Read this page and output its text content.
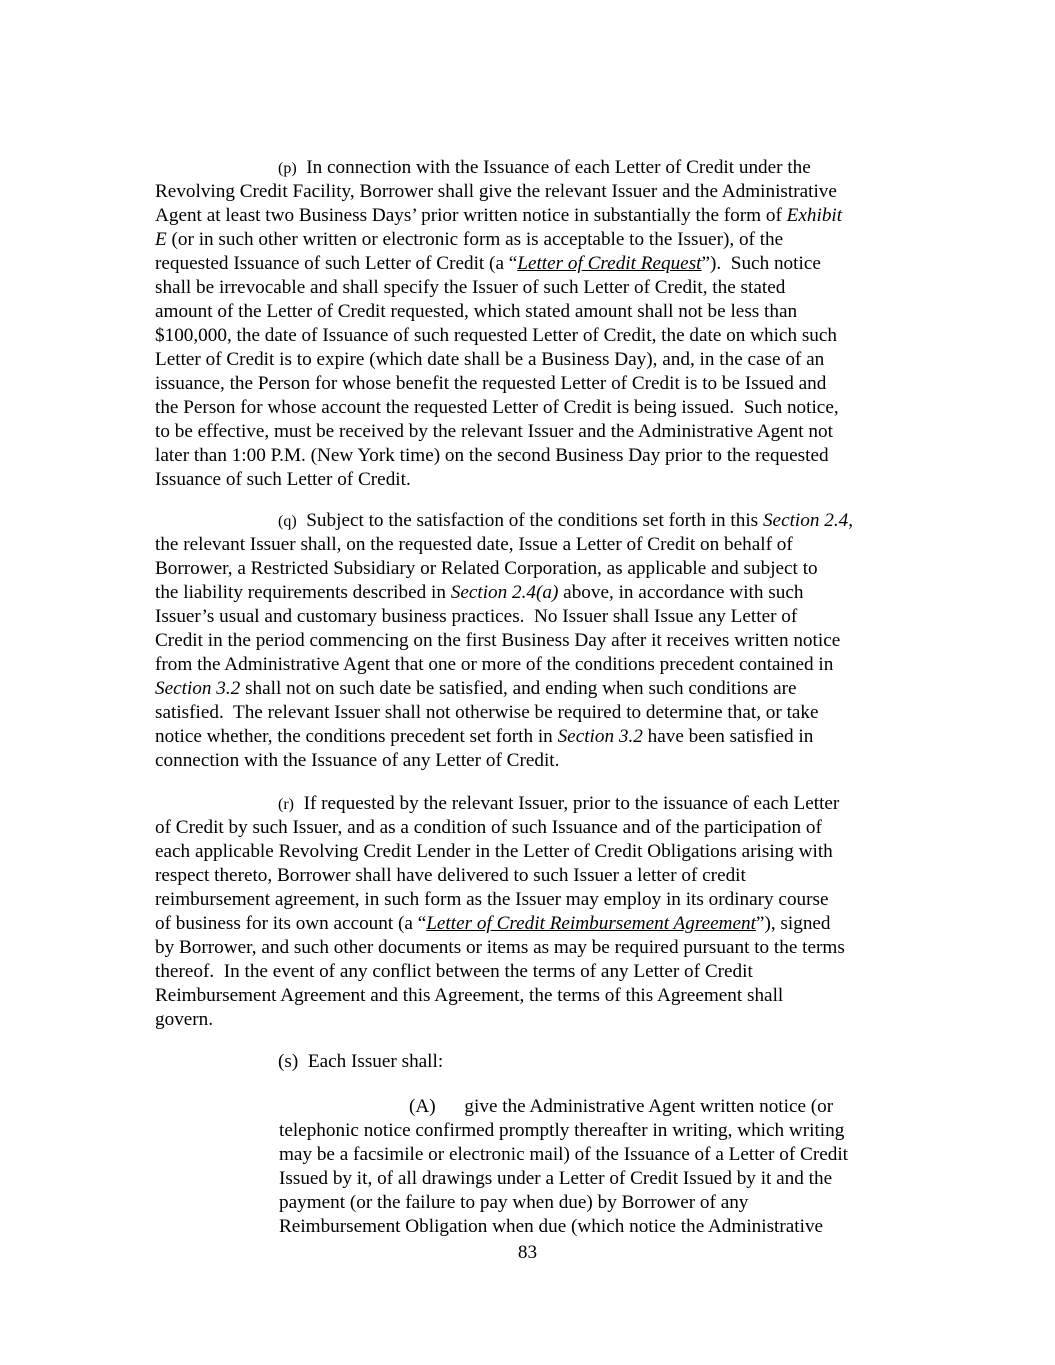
(p) In connection with the Issuance of each Letter of Credit under the
Revolving Credit Facility, Borrower shall give the relevant Issuer and the Administrative
Agent at least two Business Days’ prior written notice in substantially the form of Exhibit
E (or in such other written or electronic form as is acceptable to the Issuer), of the
requested Issuance of such Letter of Credit (a “Letter of Credit Request”).  Such notice
shall be irrevocable and shall specify the Issuer of such Letter of Credit, the stated
amount of the Letter of Credit requested, which stated amount shall not be less than
$100,000, the date of Issuance of such requested Letter of Credit, the date on which such
Letter of Credit is to expire (which date shall be a Business Day), and, in the case of an
issuance, the Person for whose benefit the requested Letter of Credit is to be Issued and
the Person for whose account the requested Letter of Credit is being issued.  Such notice,
to be effective, must be received by the relevant Issuer and the Administrative Agent not
later than 1:00 P.M. (New York time) on the second Business Day prior to the requested
Issuance of such Letter of Credit.
(q) Subject to the satisfaction of the conditions set forth in this Section 2.4,
the relevant Issuer shall, on the requested date, Issue a Letter of Credit on behalf of
Borrower, a Restricted Subsidiary or Related Corporation, as applicable and subject to
the liability requirements described in Section 2.4(a) above, in accordance with such
Issuer’s usual and customary business practices.  No Issuer shall Issue any Letter of
Credit in the period commencing on the first Business Day after it receives written notice
from the Administrative Agent that one or more of the conditions precedent contained in
Section 3.2 shall not on such date be satisfied, and ending when such conditions are
satisfied.  The relevant Issuer shall not otherwise be required to determine that, or take
notice whether, the conditions precedent set forth in Section 3.2 have been satisfied in
connection with the Issuance of any Letter of Credit.
(r) If requested by the relevant Issuer, prior to the issuance of each Letter
of Credit by such Issuer, and as a condition of such Issuance and of the participation of
each applicable Revolving Credit Lender in the Letter of Credit Obligations arising with
respect thereto, Borrower shall have delivered to such Issuer a letter of credit
reimbursement agreement, in such form as the Issuer may employ in its ordinary course
of business for its own account (a “Letter of Credit Reimbursement Agreement”), signed
by Borrower, and such other documents or items as may be required pursuant to the terms
thereof.  In the event of any conflict between the terms of any Letter of Credit
Reimbursement Agreement and this Agreement, the terms of this Agreement shall
govern.
(s) Each Issuer shall:
(A) give the Administrative Agent written notice (or
telephonic notice confirmed promptly thereafter in writing, which writing
may be a facsimile or electronic mail) of the Issuance of a Letter of Credit
Issued by it, of all drawings under a Letter of Credit Issued by it and the
payment (or the failure to pay when due) by Borrower of any
Reimbursement Obligation when due (which notice the Administrative
83
